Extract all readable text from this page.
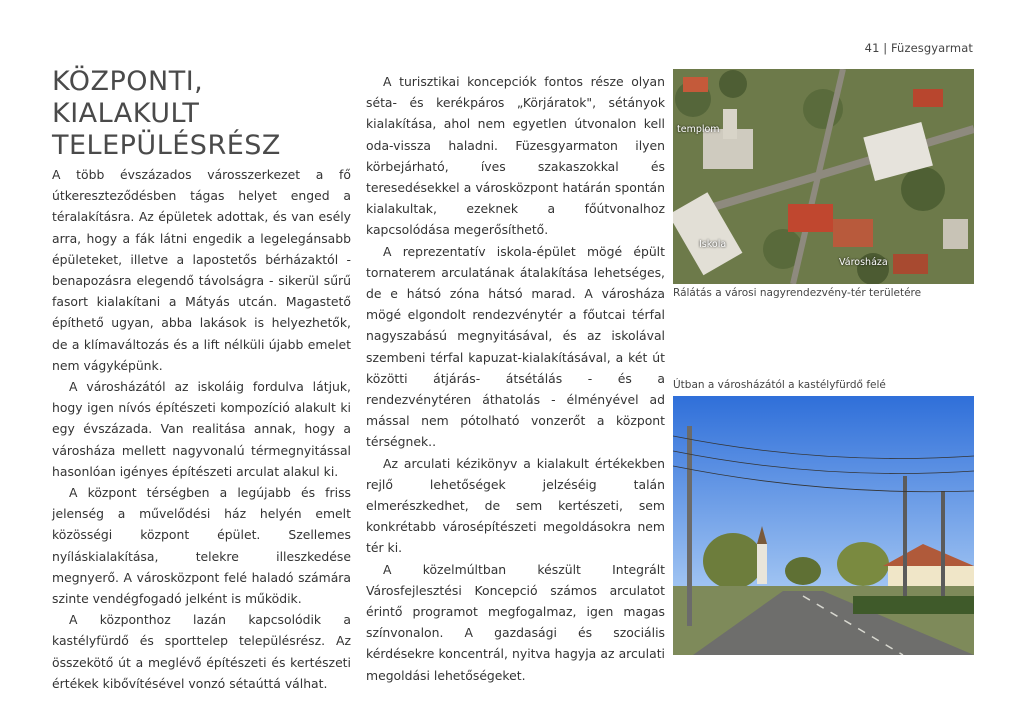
41 | Füzesgyarmat
KÖZPONTI, KIALAKULT
TELEPÜLÉSRÉSZ

A több évszázados városszerkezet a fő útkereszteződésben tágas helyet enged a téralakításra. Az épületek adottak, és van esély arra, hogy a fák látni engedik a legelegánsabb épületeket, illetve a lapostetős bérházaktól - benapozásra elegendő távolságra - sikerül sűrű fasort kialakítani a Mátyás utcán. Magastető építhető ugyan, abba lakások is helyezhetők, de a klímaváltozás és a lift nélküli újabb emelet nem vágyképünk.

A városházától az iskoláig fordulva látjuk, hogy igen nívós építészeti kompozíció alakult ki egy évszázada. Van realitása annak, hogy a városháza mellett nagyvonalú térmegnyitással hasonlóan igényes építészeti arculat alakul ki.

A központ térségben a legújabb és friss jelenség a művelődési ház helyén emelt közösségi központ épület. Szellemes nyíláskialakítása, telekre illeszkedése megnyerő. A városközpont felé haladó számára szinte vendégfogadó jelként is működik.

A központhoz lazán kapcsolódik a kastélyfürdő és sporttelep településrész. Az összekötő út a meglévő építészeti és kertészeti értékek kibővítésével vonzó sétaúttá válhat.

A turisztikai koncepciók fontos része olyan séta- és kerékpáros „Körjáratok", sétányok kialakítása, ahol nem egyetlen útvonalon kell oda-vissza haladni. Füzesgyarmaton ilyen körbejárható, íves szakaszokkal és teresedésekkel a városközpont határán spontán kialakultak, ezeknek a főútvonalhoz kapcsolódása megerősíthető.

A reprezentatív iskola-épület mögé épült tornaterem arculatának átalakítása lehetséges, de e hátsó zóna hátsó marad. A városháza mögé elgondolt rendezvénytér a főutcai térfal nagyszabású megnyitásával, és az iskolával szembeni térfal kapuzat-kialakításával, a két út közötti átjárás- átsétálás - és a rendezvénytéren áthatolás - élményével ad mással nem pótolható vonzerőt a központ térségnek..

Az arculati kézikönyv a kialakult értékekben rejlő lehetőségek jelzéséig talán elmerészkedhet, de sem kertészeti, sem konkrétabb városépítészeti megoldásokra nem tér ki.

A közelmúltban készült Integrált Városfejlesztési Koncepció számos arculatot érintő programot megfogalmaz, igen magas színvonalon. A gazdasági és szociális kérdésekre koncentrál, nyitva hagyja az arculati megoldási lehetőségeket.

templom
Iskola
Városháza
Rálátás a városi nagyrendezvény-tér területére
Útban a városházától a kastélyfürdő felé
